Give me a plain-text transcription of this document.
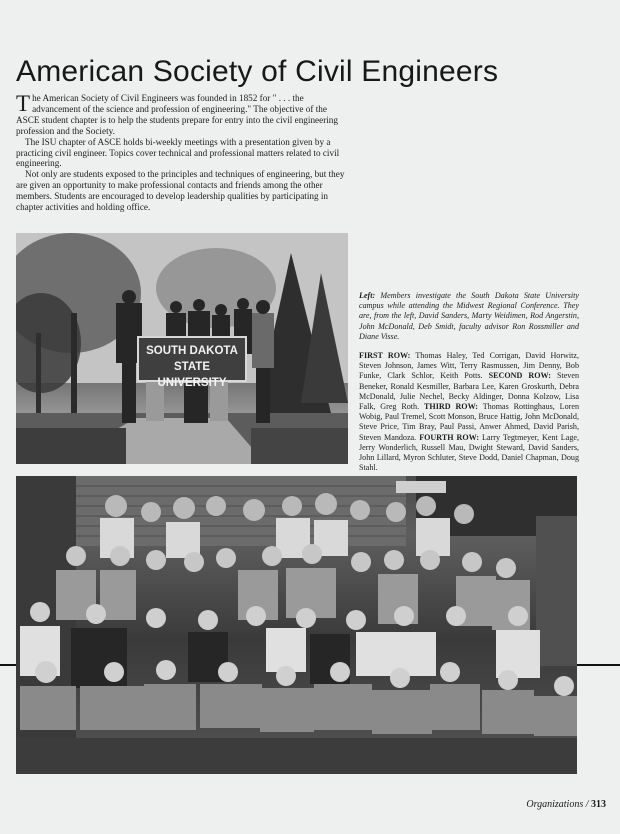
American Society of Civil Engineers

The American Society of Civil Engineers was founded in 1852 for " . . . the advancement of the science and profession of engineering." The objective of the ASCE student chapter is to help the students prepare for entry into the civil engineering profession and the Society.

The ISU chapter of ASCE holds bi-weekly meetings with a presentation given by a practicing civil engineer. Topics cover technical and professional matters related to civil engineering.

Not only are students exposed to the principles and techniques of engineering, but they are given an opportunity to make professional contacts and friends among the other members. Students are encouraged to develop leadership qualities by participating in chapter activities and holding office.

SOUTH DAKOTA
STATE UNIVERSITY

Left: Members investigate the South Dakota State University campus while attending the Midwest Regional Conference. They are, from the left, David Sanders, Marty Weidimen, Rod Angerstin, John McDonald, Deb Smidt, faculty advisor Ron Rossmiller and Diane Visse.

FIRST ROW: Thomas Haley, Ted Corrigan, David Horwitz, Steven Johnson, James Witt, Terry Rasmussen, Jim Denny, Bob Funke, Clark Schlor, Keith Potts. SECOND ROW: Steven Beneker, Ronald Kesmiller, Barbara Lee, Karen Groskurth, Debra McDonald, Julie Nechel, Becky Aldinger, Donna Kolzow, Lisa Falk, Greg Roth. THIRD ROW: Thomas Rottinghaus, Loren Wobig, Paul Tremel, Scott Monson, Bruce Hattig, John McDonald, Steve Price, Tim Bray, Paul Passi, Anwer Ahmed, David Parish, Steven Mandoza. FOURTH ROW: Larry Tegtmeyer, Kent Lage, Jerry Wonderlich, Russell Mau, Dwight Steward, David Sanders, John Lillard, Myron Schluter, Steve Dodd, Daniel Chapman, Doug Stahl.

Organizations / 313
